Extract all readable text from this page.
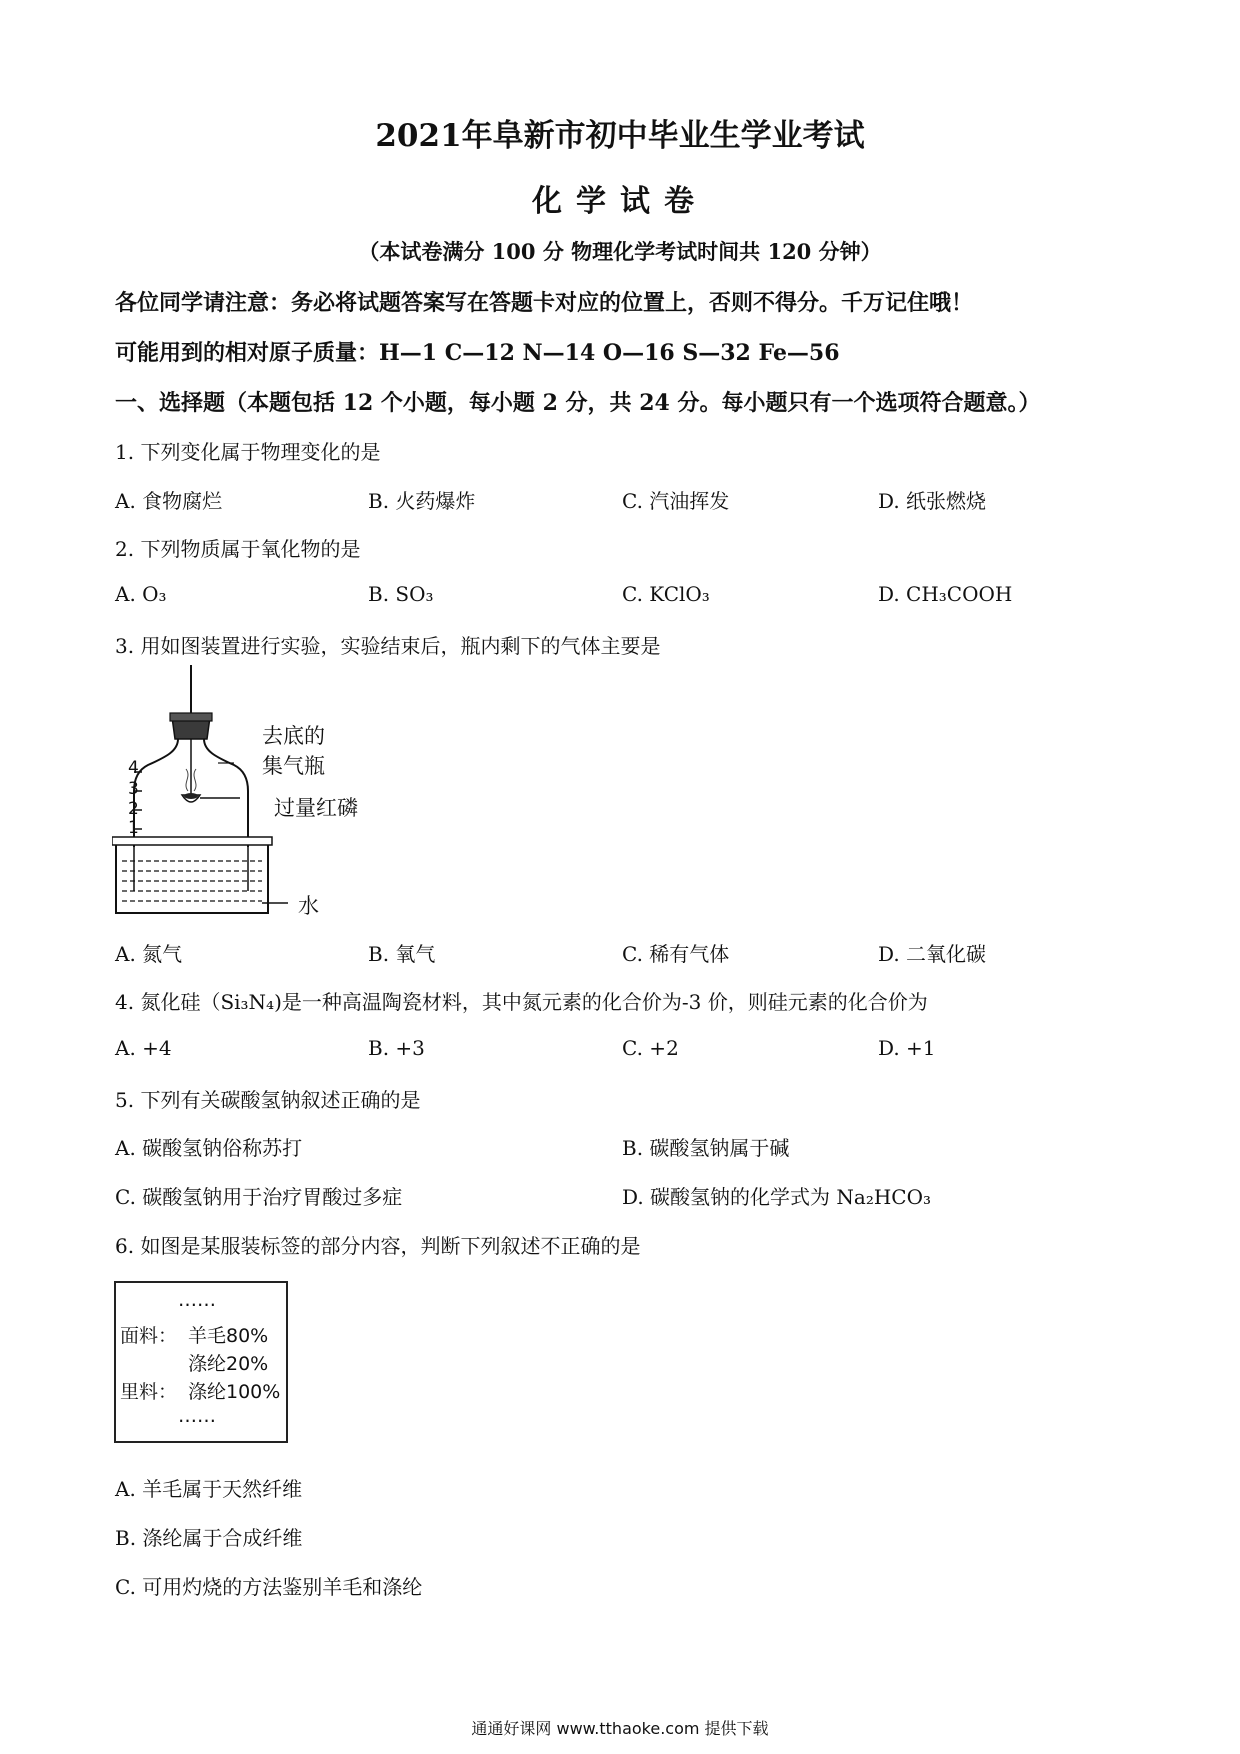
2021年阜新市初中毕业生学业考试
化学试卷
（本试卷满分 100 分 物理化学考试时间共 120 分钟）
各位同学请注意：务必将试题答案写在答题卡对应的位置上，否则不得分。千万记住哦！
可能用到的相对原子质量：H—1 C—12 N—14 O—16 S—32 Fe—56
一、选择题（本题包括 12 个小题，每小题 2 分，共 24 分。每小题只有一个选项符合题意。）
1. 下列变化属于物理变化的是
A. 食物腐烂	B. 火药爆炸	C. 汽油挥发	D. 纸张燃烧
2. 下列物质属于氧化物的是
A. O₃	B. SO₃	C. KClO₃	D. CH₃COOH
3. 用如图装置进行实验，实验结束后，瓶内剩下的气体主要是
4
3
2
1
去底的
集气瓶
过量红磷
水
A. 氮气	B. 氧气	C. 稀有气体	D. 二氧化碳
4. 氮化硅（Si₃N₄)是一种高温陶瓷材料，其中氮元素的化合价为-3 价，则硅元素的化合价为
A. +4	B. +3	C. +2	D. +1
5. 下列有关碳酸氢钠叙述正确的是
A. 碳酸氢钠俗称苏打	B. 碳酸氢钠属于碱
C. 碳酸氢钠用于治疗胃酸过多症	D. 碳酸氢钠的化学式为 Na₂HCO₃
6. 如图是某服装标签的部分内容，判断下列叙述不正确的是
……
面料： 羊毛80%
涤纶20%
里料： 涤纶100%
……
A. 羊毛属于天然纤维
B. 涤纶属于合成纤维
C. 可用灼烧的方法鉴别羊毛和涤纶
通通好课网 www.tthaoke.com 提供下载
